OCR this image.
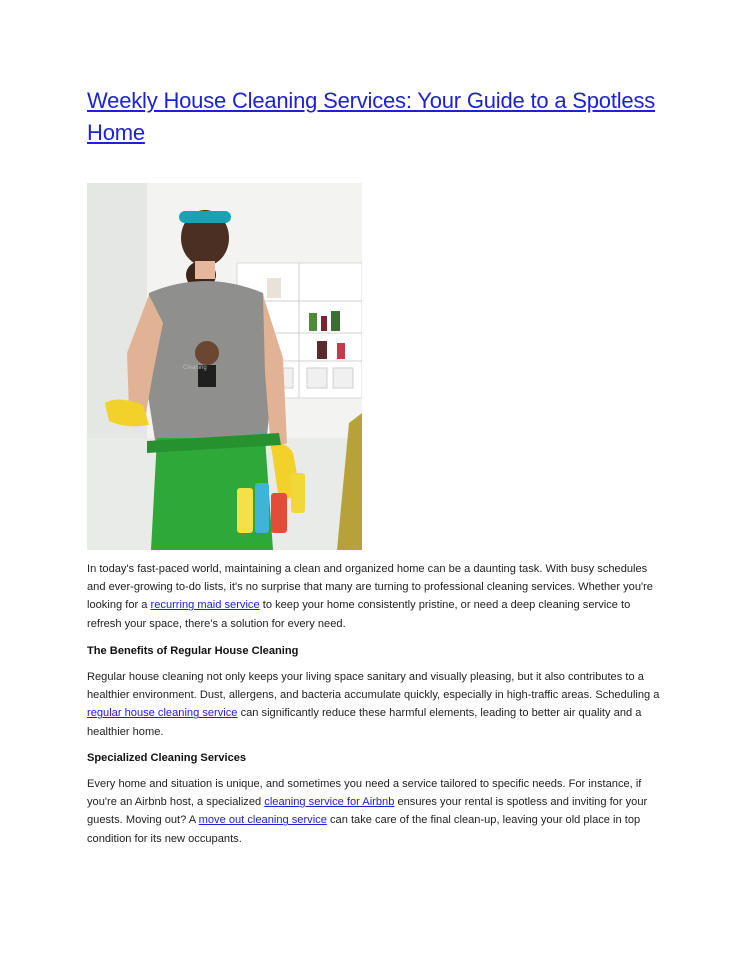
Weekly House Cleaning Services: Your Guide to a Spotless Home
Cleaning

In today's fast-paced world, maintaining a clean and organized home can be a daunting task. With busy schedules and ever-growing to-do lists, it's no surprise that many are turning to professional cleaning services. Whether you're looking for a recurring maid service to keep your home consistently pristine, or need a deep cleaning service to refresh your space, there's a solution for every need.

The Benefits of Regular House Cleaning

Regular house cleaning not only keeps your living space sanitary and visually pleasing, but it also contributes to a healthier environment. Dust, allergens, and bacteria accumulate quickly, especially in high-traffic areas. Scheduling a regular house cleaning service can significantly reduce these harmful elements, leading to better air quality and a healthier home.

Specialized Cleaning Services

Every home and situation is unique, and sometimes you need a service tailored to specific needs. For instance, if you're an Airbnb host, a specialized cleaning service for Airbnb ensures your rental is spotless and inviting for your guests. Moving out? A move out cleaning service can take care of the final clean-up, leaving your old place in top condition for its new occupants.
